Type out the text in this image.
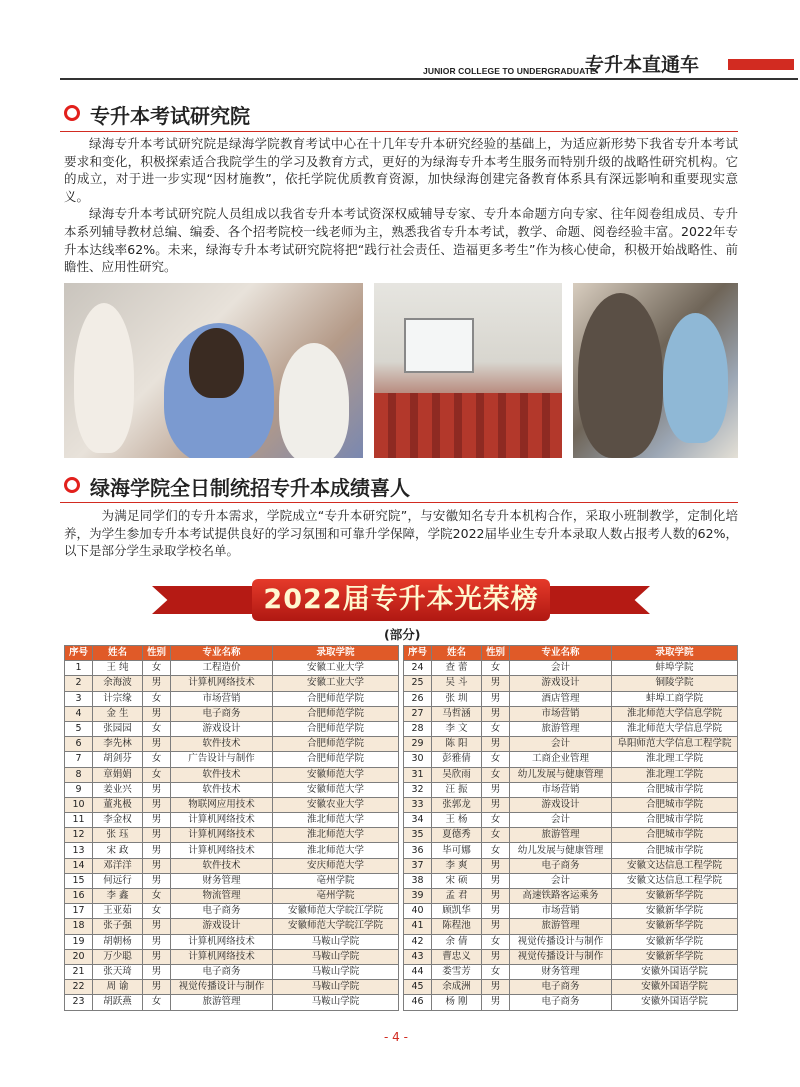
JUNIOR COLLEGE TO UNDERGRADUATE
专升本直通车
专升本考试研究院

绿海专升本考试研究院是绿海学院教育考试中心在十几年专升本研究经验的基础上，为适应新形势下我省专升本考试要求和变化，积极探索适合我院学生的学习及教育方式，更好的为绿海专升本考生服务而特别升级的战略性研究机构。它的成立，对于进一步实现“因材施教”，依托学院优质教育资源，加快绿海创建完备教育体系具有深远影响和重要现实意义。

绿海专升本考试研究院人员组成以我省专升本考试资深权威辅导专家、专升本命题方向专家、往年阅卷组成员、专升本系列辅导教材总编、编委、各个招考院校一线老师为主，熟悉我省专升本考试，教学、命题、阅卷经验丰富。2022年专升本达线率62%。未来，绿海专升本考试研究院将把“践行社会责任、造福更多考生”作为核心使命，积极开始战略性、前瞻性、应用性研究。

绿海学院全日制统招专升本成绩喜人

为满足同学们的专升本需求，学院成立“专升本研究院”，与安徽知名专升本机构合作，采取小班制教学，定制化培养，为学生参加专升本考试提供良好的学习氛围和可靠升学保障，学院2022届毕业生专升本录取人数占报考人数的62%，以下是部分学生录取学校名单。

2022届专升本光荣榜
(部分)
序号	姓名	性别	专业名称	录取学院
1	王 纯	女	工程造价	安徽工业大学
2	余海波	男	计算机网络技术	安徽工业大学
3	计宗缘	女	市场营销	合肥师范学院
4	金 生	男	电子商务	合肥师范学院
5	张园园	女	游戏设计	合肥师范学院
6	李先林	男	软件技术	合肥师范学院
7	胡剑芬	女	广告设计与制作	合肥师范学院
8	章娟娟	女	软件技术	安徽师范大学
9	姜业兴	男	软件技术	安徽师范大学
10	董兆极	男	物联网应用技术	安徽农业大学
11	李金权	男	计算机网络技术	淮北师范大学
12	张 珏	男	计算机网络技术	淮北师范大学
13	宋 政	男	计算机网络技术	淮北师范大学
14	邓洋洋	男	软件技术	安庆师范大学
15	何远行	男	财务管理	亳州学院
16	李 鑫	女	物流管理	亳州学院
17	王亚茹	女	电子商务	安徽师范大学皖江学院
18	张子强	男	游戏设计	安徽师范大学皖江学院
19	胡朝杨	男	计算机网络技术	马鞍山学院
20	万少聪	男	计算机网络技术	马鞍山学院
21	张天琦	男	电子商务	马鞍山学院
22	周 谕	男	视觉传播设计与制作	马鞍山学院
23	胡跃燕	女	旅游管理	马鞍山学院
序号	姓名	性别	专业名称	录取学院
24	查 蕾	女	会计	蚌埠学院
25	吴 斗	男	游戏设计	铜陵学院
26	张 圳	男	酒店管理	蚌埠工商学院
27	马哲涵	男	市场营销	淮北师范大学信息学院
28	李 文	女	旅游管理	淮北师范大学信息学院
29	陈 阳	男	会计	阜阳师范大学信息工程学院
30	彭雅倩	女	工商企业管理	淮北理工学院
31	吴欣雨	女	幼儿发展与健康管理	淮北理工学院
32	汪 振	男	市场营销	合肥城市学院
33	张郭龙	男	游戏设计	合肥城市学院
34	王 杨	女	会计	合肥城市学院
35	夏德秀	女	旅游管理	合肥城市学院
36	毕可娜	女	幼儿发展与健康管理	合肥城市学院
37	李 爽	男	电子商务	安徽文达信息工程学院
38	宋 硕	男	会计	安徽文达信息工程学院
39	孟 君	男	高速铁路客运乘务	安徽新华学院
40	顾凯华	男	市场营销	安徽新华学院
41	陈程池	男	旅游管理	安徽新华学院
42	余 倩	女	视觉传播设计与制作	安徽新华学院
43	曹忠义	男	视觉传播设计与制作	安徽新华学院
44	娄雪芳	女	财务管理	安徽外国语学院
45	余成洲	男	电子商务	安徽外国语学院
46	杨 刚	男	电子商务	安徽外国语学院
- 4 -
